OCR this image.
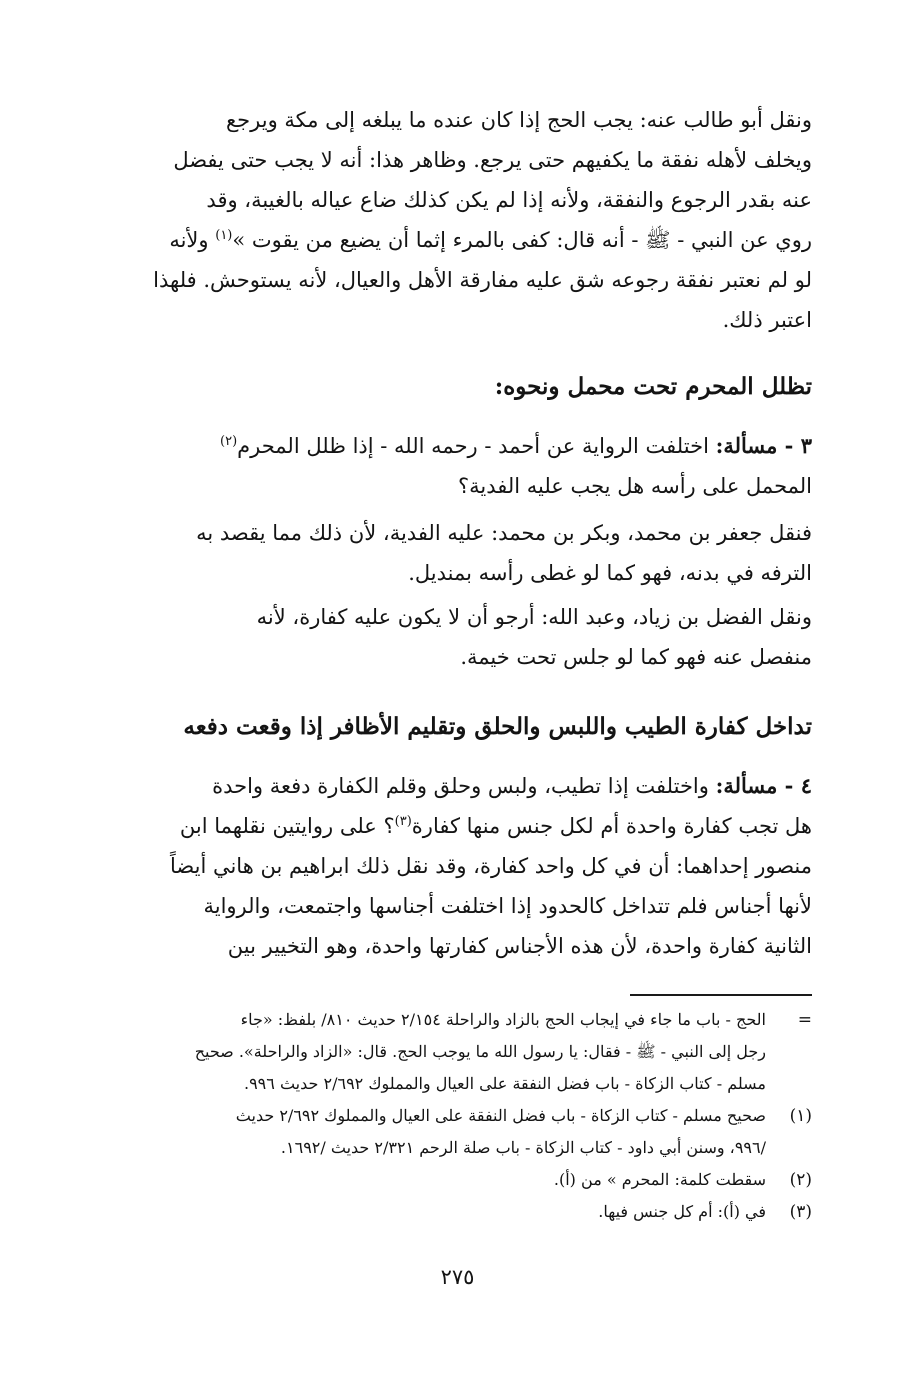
ونقل أبو طالب عنه: يجب الحج إذا كان عنده ما يبلغه إلى مكة ويرجع
ويخلف لأهله نفقة ما يكفيهم حتى يرجع. وظاهر هذا: أنه لا يجب حتى يفضل
عنه بقدر الرجوع والنفقة، ولأنه إذا لم يكن كذلك ضاع عياله بالغيبة، وقد
روي عن النبي - ﷺ - أنه قال: كفى بالمرء إثما أن يضيع من يقوت »$^{(١)}$ ولأنه
لو لم نعتبر نفقة رجوعه شق عليه مفارقة الأهل والعيال، لأنه يستوحش. فلهذا
اعتبر ذلك.
تظلل المحرم تحت محمل ونحوه:
٣ - مسألة: اختلفت الرواية عن أحمد - رحمه الله - إذا ظلل المحرم$^{(٢)}$
المحمل على رأسه هل يجب عليه الفدية؟
فنقل جعفر بن محمد، وبكر بن محمد: عليه الفدية، لأن ذلك مما يقصد به
الترفه في بدنه، فهو كما لو غطى رأسه بمنديل.
ونقل الفضل بن زياد، وعبد الله: أرجو أن لا يكون عليه كفارة، لأنه
منفصل عنه فهو كما لو جلس تحت خيمة.
تداخل كفارة الطيب واللبس والحلق وتقليم الأظافر إذا وقعت دفعه
٤ - مسألة: واختلفت إذا تطيب، ولبس وحلق وقلم الكفارة دفعة واحدة
هل تجب كفارة واحدة أم لكل جنس منها كفارة$^{(٣)}$؟ على روايتين نقلهما ابن
منصور إحداهما: أن في كل واحد كفارة، وقد نقل ذلك ابراهيم بن هاني أيضاً
لأنها أجناس فلم تتداخل كالحدود إذا اختلفت أجناسها واجتمعت، والرواية
الثانية كفارة واحدة، لأن هذه الأجناس كفارتها واحدة، وهو التخيير بين
=
الحج - باب ما جاء في إيجاب الحج بالزاد والراحلة ٢/١٥٤ حديث ٨١٠/ بلفظ: «جاء
رجل إلى النبي - ﷺ - فقال: يا رسول الله ما يوجب الحج. قال: «الزاد والراحلة». صحيح
مسلم - كتاب الزكاة - باب فضل النفقة على العيال والمملوك ٢/٦٩٢ حديث ٩٩٦.
(١)
صحيح مسلم - كتاب الزكاة - باب فضل النفقة على العيال والمملوك ٢/٦٩٢ حديث
/٩٩٦، وسنن أبي داود - كتاب الزكاة - باب صلة الرحم ٢/٣٢١ حديث /١٦٩٢.
(٢)
سقطت كلمة: المحرم » من (أ).
(٣)
في (أ): أم كل جنس فيها.
٢٧٥
